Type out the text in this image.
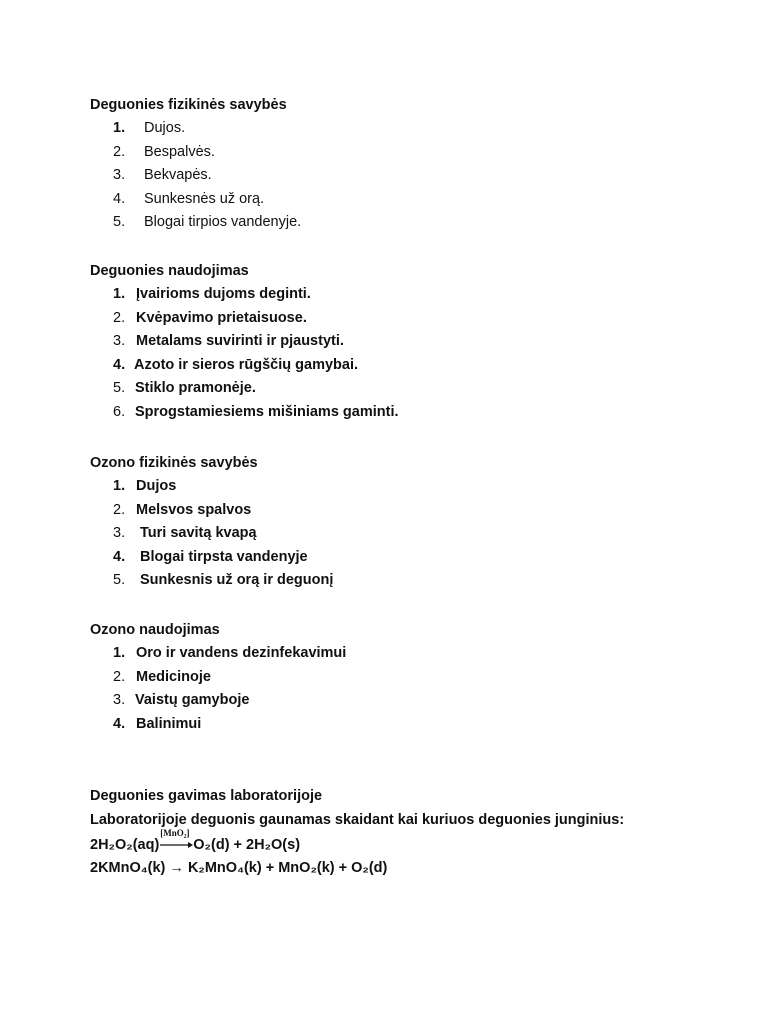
Deguonies fizikinės savybės
1.	Dujos.
2.	Bespalvės.
3.	Bekvapės.
4.	Sunkesnės už orą.
5.	Blogai tirpios vandenyje.
Deguonies naudojimas
1. Įvairioms dujoms deginti.
2. Kvėpavimo prietaisuose.
3. Metalams suvirinti ir pjaustyti.
4. Azoto ir sieros rūgščių gamybai.
5. Stiklo pramonėje.
6. Sprogstamiesiems mišiniams gaminti.
Ozono fizikinės savybės
1. Dujos
2. Melsvos spalvos
3.	Turi savitą kvapą
4.	Blogai tirpsta vandenyje
5.	Sunkesnis už orą ir deguonį
Ozono naudojimas
1. Oro ir vandens dezinfekavimui
2. Medicinoje
3. Vaistų gamyboje
4. Balinimui
Deguonies gavimas laboratorijoje
Laboratorijoje deguonis gaunamas skaidant kai kuriuos deguonies junginius:
2H₂O₂(aq)
[MnO₂]
O₂(d) + 2H₂O(s)
2KMnO₄(k) → K₂MnO₄(k) + MnO₂(k) + O₂(d)
